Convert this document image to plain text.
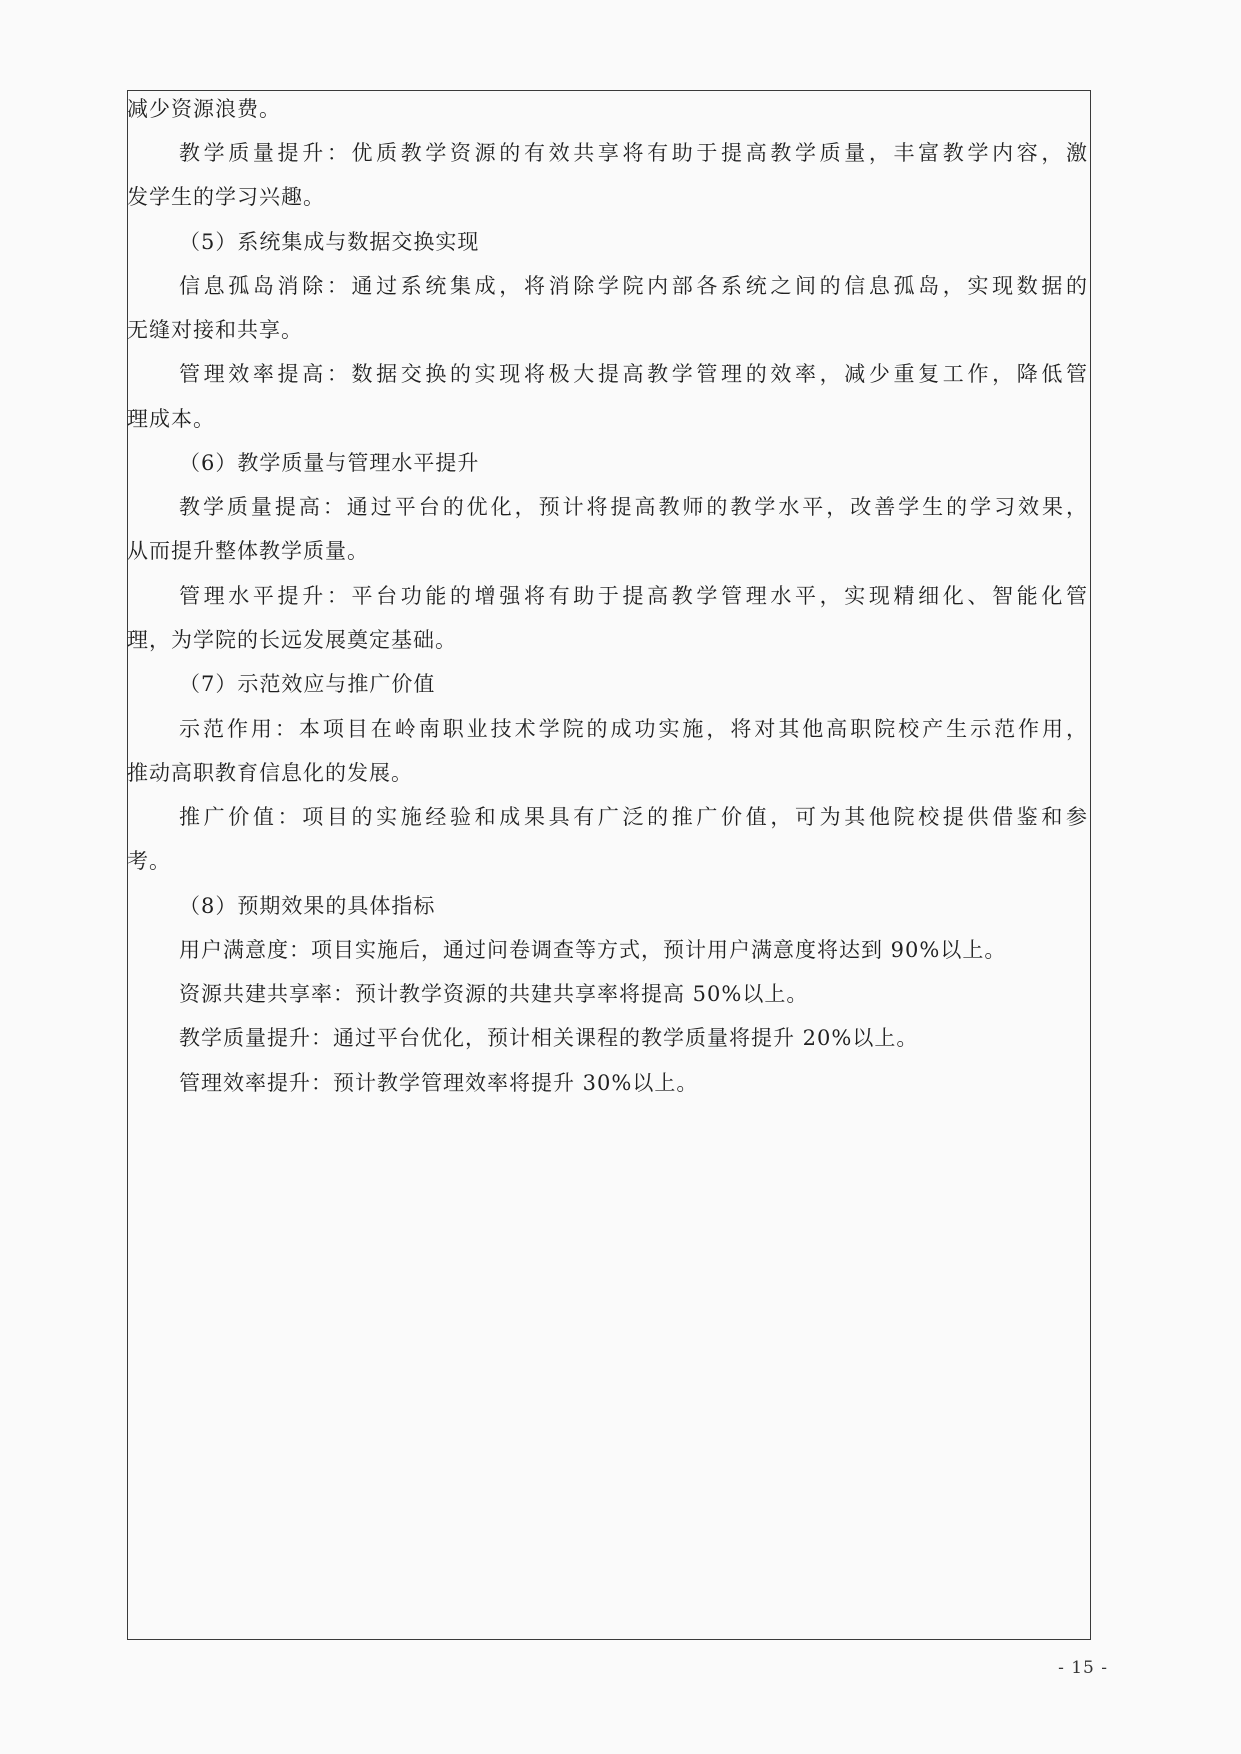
减少资源浪费。

教学质量提升：优质教学资源的有效共享将有助于提高教学质量，丰富教学内容，激

发学生的学习兴趣。

（5）系统集成与数据交换实现

信息孤岛消除：通过系统集成，将消除学院内部各系统之间的信息孤岛，实现数据的

无缝对接和共享。

管理效率提高：数据交换的实现将极大提高教学管理的效率，减少重复工作，降低管

理成本。

（6）教学质量与管理水平提升

教学质量提高：通过平台的优化，预计将提高教师的教学水平，改善学生的学习效果，

从而提升整体教学质量。

管理水平提升：平台功能的增强将有助于提高教学管理水平，实现精细化、智能化管

理，为学院的长远发展奠定基础。

（7）示范效应与推广价值

示范作用：本项目在岭南职业技术学院的成功实施，将对其他高职院校产生示范作用，

推动高职教育信息化的发展。

推广价值：项目的实施经验和成果具有广泛的推广价值，可为其他院校提供借鉴和参

考。

（8）预期效果的具体指标

用户满意度：项目实施后，通过问卷调查等方式，预计用户满意度将达到 90%以上。

资源共建共享率：预计教学资源的共建共享率将提高 50%以上。

教学质量提升：通过平台优化，预计相关课程的教学质量将提升 20%以上。

管理效率提升：预计教学管理效率将提升 30%以上。

- 15 -
